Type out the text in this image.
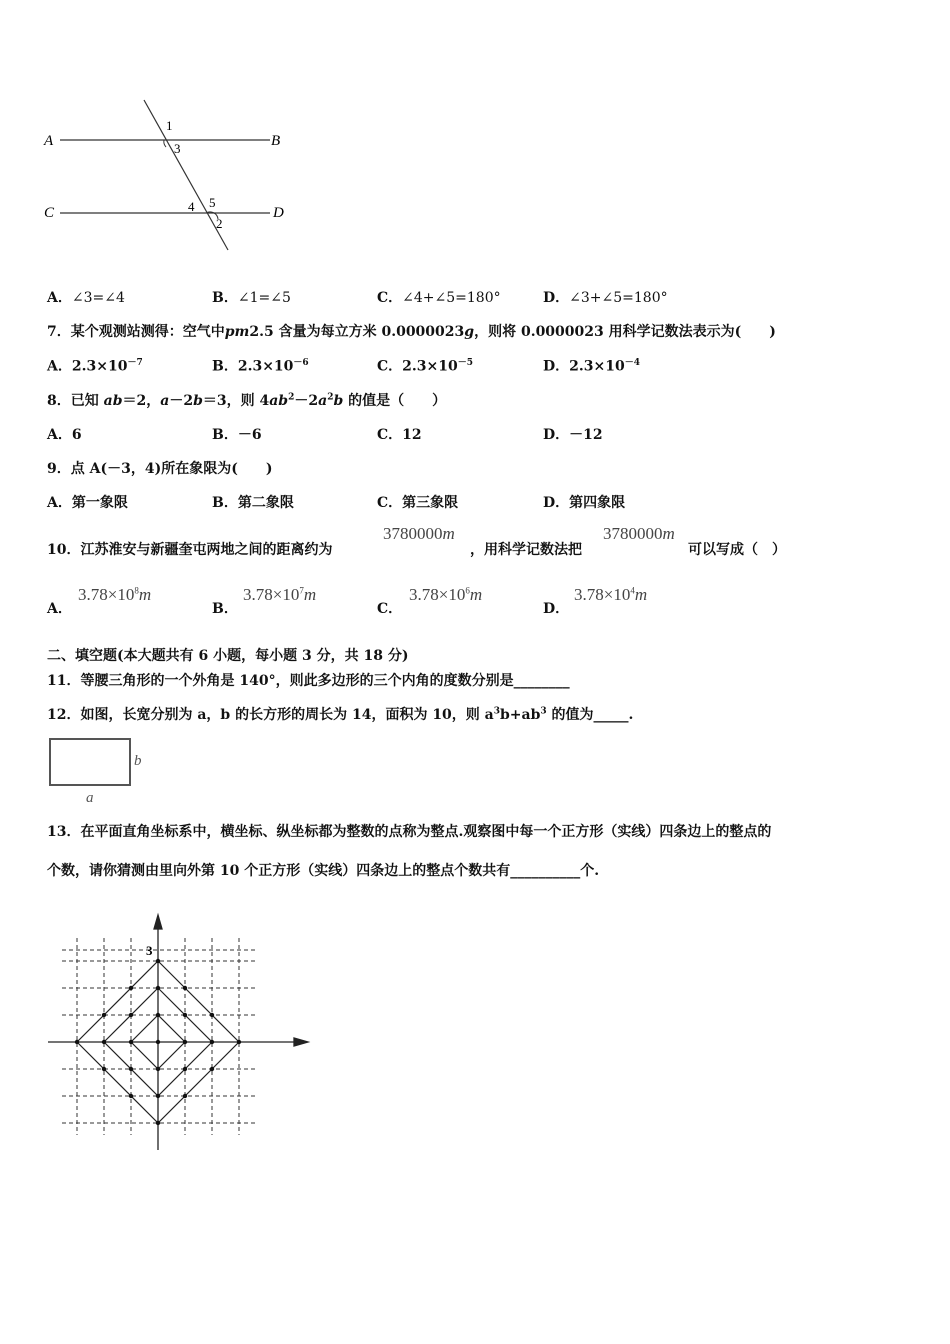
A	B
C	D
1
3
4 5
2
A．∠3=∠4	B．∠1=∠5	C．∠4+∠5=180°	D．∠3+∠5=180°
7．某个观测站测得：空气中pm2.5 含量为每立方米 0.0000023g，则将 0.0000023 用科学记数法表示为(　　)
A．$2.3\times 10^{-7}$	B．$2.3\times 10^{-6}$	C．$2.3\times 10^{-5}$	D．$2.3\times 10^{-4}$
8．已知 ab＝2，a－2b＝3，则 $4ab^2-2a^2b$ 的值是（　　）
A．6	B．－6	C．12	D．－12
9．点 A(－3，4)所在象限为(　　)
A．第一象限	B．第二象限	C．第三象限	D．第四象限
10．江苏淮安与新疆奎屯两地之间的距离约为
3780000m
，用科学记数法把
3780000m
可以写成（　）
A．
$3.78\times 10^8m$
B．
$3.78\times 10^7m$
C．
$3.78\times 10^6m$
D．
$3.78\times 10^4m$
二、填空题(本大题共有 6 小题，每小题 3 分，共 18 分)
11．等腰三角形的一个外角是 140°，则此多边形的三个内角的度数分别是________
12．如图，长宽分别为 a，b 的长方形的周长为 14，面积为 10，则 $a^3b+ab^3$ 的值为_____.
b
a
13．在平面直角坐标系中，横坐标、纵坐标都为整数的点称为整点.观察图中每一个正方形（实线）四条边上的整点的
个数，请你猜测由里向外第 10 个正方形（实线）四条边上的整点个数共有__________个.
3
